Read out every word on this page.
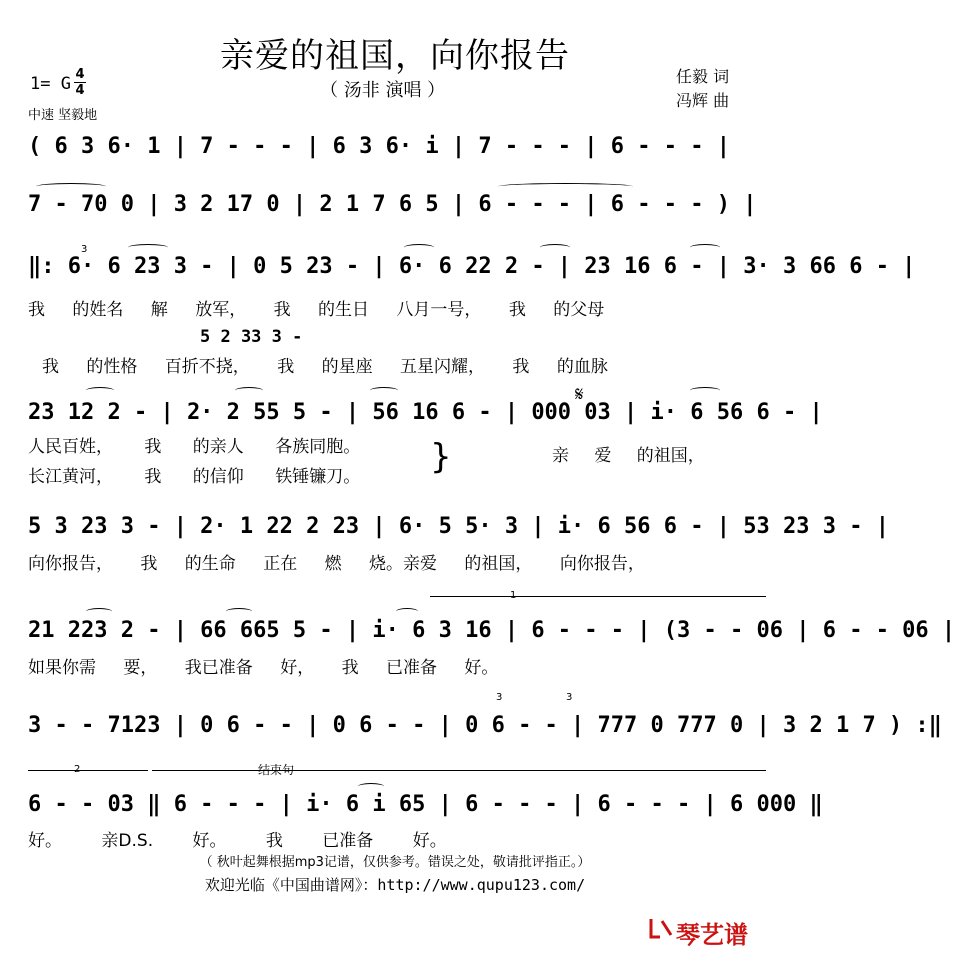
亲爱的祖国，向你报告
（ 汤非 演唱 ）
任毅 词
冯辉 曲
1= G 4
4
中速 坚毅地
( 6 3 6· 1 | 7 - - - | 6 3 6· i | 7 - - - | 6 - - - |
7 - 70 0 | 3 2 17 0 | 2 1 7 6 5 | 6 - - - | 6 - - - ) |
3
‖: 6· 6 23 3 - | 0 5 23 - | 6· 6 22 2 - | 23 16 6 - | 3· 3 66 6 - |
我 的姓名 解 放军， 我 的生日 八月一号， 我 的父母
5 2 33 3 -
我 的性格 百折不挠， 我 的星座 五星闪耀， 我 的血脉
𝄋
23 12 2 - | 2· 2 55 5 - | 56 16 6 - | 000 03 | i· 6 56 6 - |
人民百姓， 我 的亲人 各族同胞。
长江黄河， 我 的信仰 铁锤镰刀。 }	亲 爱 的祖国，
5 3 23 3 - | 2· 1 22 2 23 | 6· 5 5· 3 | i· 6 56 6 - | 53 23 3 - |
向你报告， 我 的生命 正在 燃 烧。亲爱 的祖国， 向你报告，
1
21 223 2 - | 66 665 5 - | i· 6 3 16 | 6 - - - | (3 - - 06 | 6 - - 06 |
如果你需 要， 我已准备 好， 我 已准备 好。
3	3
3 - - 7123 | 0 6 - - | 0 6 - - | 0 6 - - | 777 0 777 0 | 3 2 1 7 ) :‖
2	结束句
6 - - 03 ‖ 6 - - - | i· 6 i 65 | 6 - - - | 6 - - - | 6 000 ‖
好。 亲D.S. 好。 我 已准备 好。
（ 秋叶起舞根据mp3记谱，仅供参考。错误之处，敬请批评指正。）
欢迎光临《中国曲谱网》：http://www.qupu123.com/
琴艺谱
